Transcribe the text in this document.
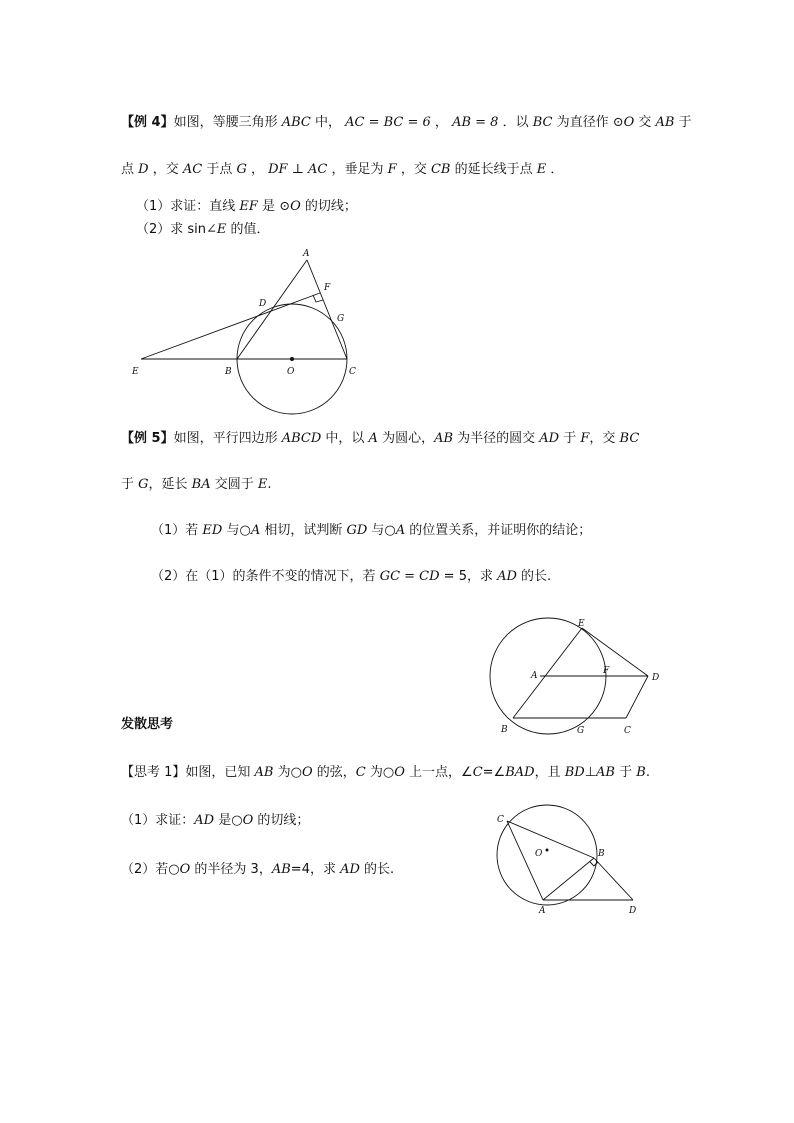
【例 4】如图，等腰三角形 ABC 中， AC = BC = 6 ， AB = 8 ．以 BC 为直径作 ⊙O 交 AB 于
点 D ，交 AC 于点 G ， DF ⊥ AC ，垂足为 F ，交 CB 的延长线于点 E ．
（1）求证：直线 EF 是 ⊙O 的切线；
（2）求 sin∠E 的值．
A
F
D
G
E	B	O	C
【例 5】如图，平行四边形 ABCD 中，以 A 为圆心，AB 为半径的圆交 AD 于 F，交 BC
于 G，延长 BA 交圆于 E.
（1）若 ED 与○A 相切，试判断 GD 与○A 的位置关系，并证明你的结论；
（2）在（1）的条件不变的情况下，若 GC = CD = 5，求 AD 的长.
E
A	F
D
B	G	C
发散思考
【思考 1】如图，已知 AB 为○O 的弦，C 为○O 上一点，∠C=∠BAD，且 BD⊥AB 于 B.
（1）求证：AD 是○O 的切线；
（2）若○O 的半径为 3，AB=4，求 AD 的长.
C
O	B
A	D
